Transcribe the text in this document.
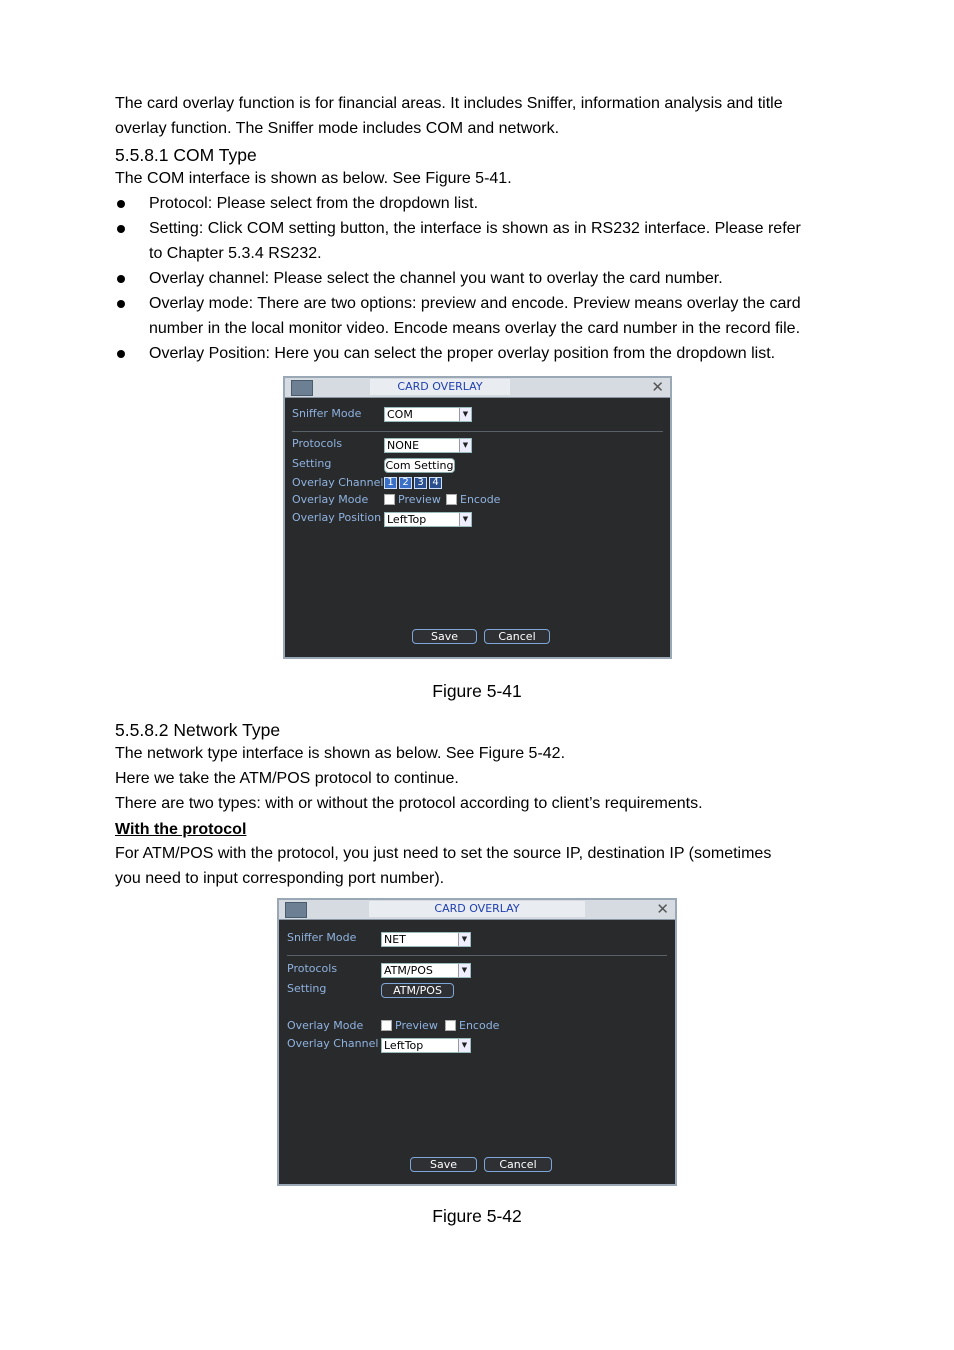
The card overlay function is for financial areas. It includes Sniffer, information analysis and title
overlay function. The Sniffer mode includes COM and network.
5.5.8.1 COM Type
The COM interface is shown as below. See Figure 5-41.
Protocol: Please select from the dropdown list.
Setting: Click COM setting button, the interface is shown as in RS232 interface. Please refer
to Chapter 5.3.4 RS232.
Overlay channel: Please select the channel you want to overlay the card number.
Overlay mode: There are two options: preview and encode. Preview means overlay the card
number in the local monitor video. Encode means overlay the card number in the record file.
Overlay Position: Here you can select the proper overlay position from the dropdown list.
CARD OVERLAY	✕
Sniffer Mode COM	▼
Protocols	NONE	▼
Setting	Com Setting
Overlay Channel 1 2 3 4
Overlay Mode	Preview Encode
Overlay Position LeftTop	▼
Save	Cancel
Figure 5-41
5.5.8.2 Network Type
The network type interface is shown as below. See Figure 5-42.
Here we take the ATM/POS protocol to continue.
There are two types: with or without the protocol according to client’s requirements.
With the protocol
For ATM/POS with the protocol, you just need to set the source IP, destination IP (sometimes
you need to input corresponding port number).
CARD OVERLAY	✕
Sniffer Mode	NET	▼
Protocols	ATM/POS	▼
Setting	ATM/POS
Overlay Mode	Preview Encode
Overlay Channel LeftTop	▼
Save	Cancel
Figure 5-42
